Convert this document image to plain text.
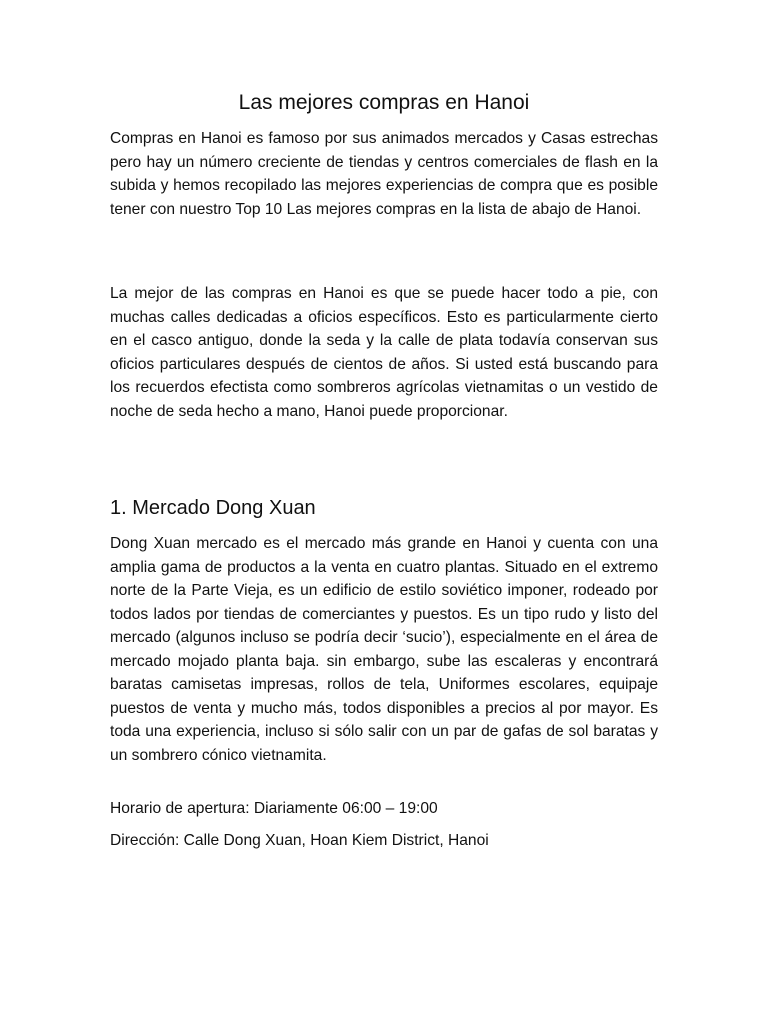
Las mejores compras en Hanoi

Compras en Hanoi es famoso por sus animados mercados y Casas estrechas pero hay un número creciente de tiendas y centros comerciales de flash en la subida y hemos recopilado las mejores experiencias de compra que es posible tener con nuestro Top 10 Las mejores compras en la lista de abajo de Hanoi.

La mejor de las compras en Hanoi es que se puede hacer todo a pie, con muchas calles dedicadas a oficios específicos. Esto es particularmente cierto en el casco antiguo, donde la seda y la calle de plata todavía conservan sus oficios particulares después de cientos de años. Si usted está buscando para los recuerdos efectista como sombreros agrícolas vietnamitas o un vestido de noche de seda hecho a mano, Hanoi puede proporcionar.

1. Mercado Dong Xuan

Dong Xuan mercado es el mercado más grande en Hanoi y cuenta con una amplia gama de productos a la venta en cuatro plantas. Situado en el extremo norte de la Parte Vieja, es un edificio de estilo soviético imponer, rodeado por todos lados por tiendas de comerciantes y puestos. Es un tipo rudo y listo del mercado (algunos incluso se podría decir ‘sucio’), especialmente en el área de mercado mojado planta baja. sin embargo, sube las escaleras y encontrará baratas camisetas impresas, rollos de tela, Uniformes escolares, equipaje puestos de venta y mucho más, todos disponibles a precios al por mayor. Es toda una experiencia, incluso si sólo salir con un par de gafas de sol baratas y un sombrero cónico vietnamita.

Horario de apertura: Diariamente 06:00 – 19:00

Dirección: Calle Dong Xuan, Hoan Kiem District, Hanoi
